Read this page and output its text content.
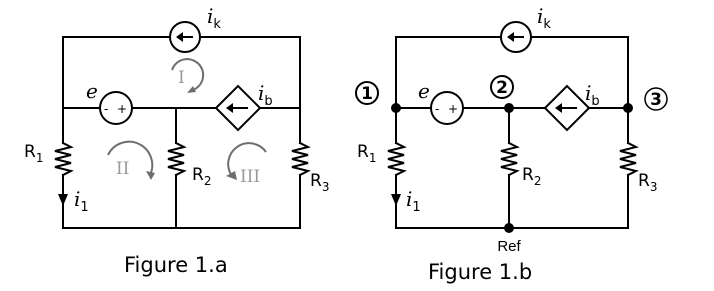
$i_k$
- +
e	$i_b$
$R_1$
$R_2$	$R_3$
$i_1$
I
II	III
Figure 1.a
$i_k$
- +
e	$i_b$
$R_1$
$R_2$	$R_3$
$i_1$
1	2
3
Ref
Figure 1.b
